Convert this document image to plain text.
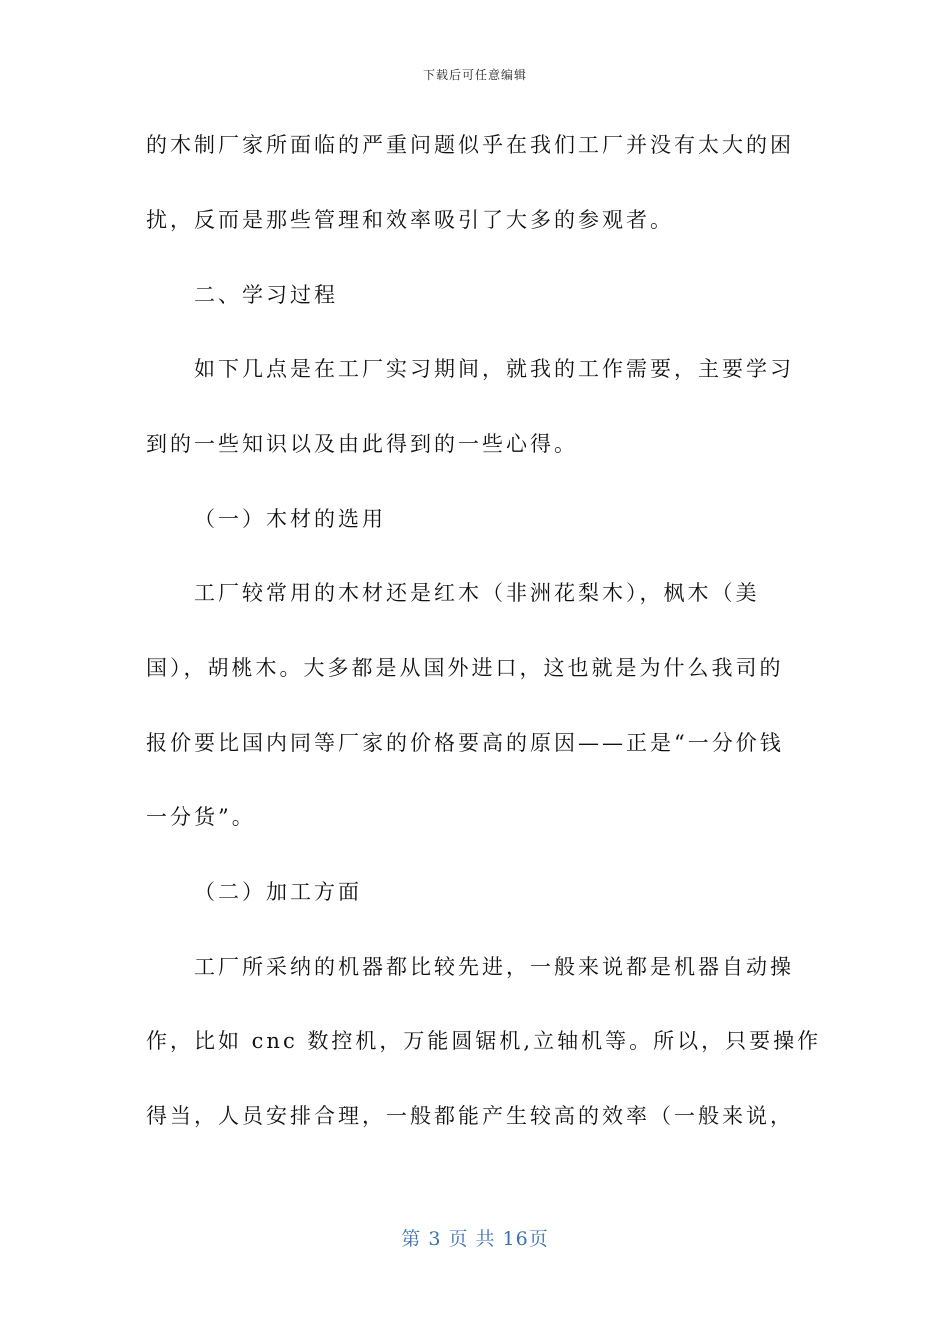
下载后可任意编辑
的木制厂家所面临的严重问题似乎在我们工厂并没有太大的困
扰，反而是那些管理和效率吸引了大多的参观者。
二、学习过程
如下几点是在工厂实习期间，就我的工作需要，主要学习
到的一些知识以及由此得到的一些心得。
（一）木材的选用
工厂较常用的木材还是红木（非洲花梨木），枫木（美
国），胡桃木。大多都是从国外进口，这也就是为什么我司的
报价要比国内同等厂家的价格要高的原因——正是“一分价钱
一分货”。
（二）加工方面
工厂所采纳的机器都比较先进，一般来说都是机器自动操
作，比如 cnc 数控机，万能圆锯机,立轴机等。所以，只要操作
得当，人员安排合理，一般都能产生较高的效率（一般来说，
第 3 页 共 16页
